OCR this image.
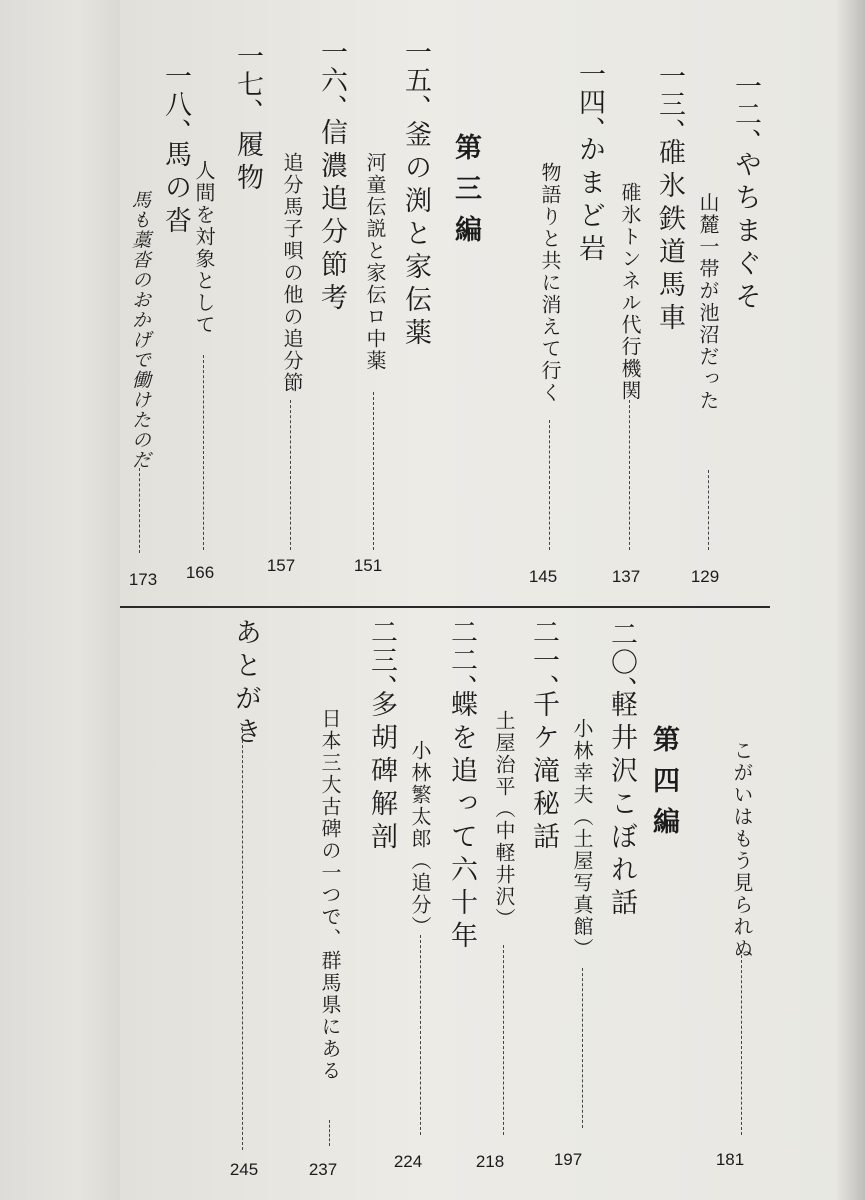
一二、
やちまぐそ
山麓一帯が池沼だった
129
一三、
碓氷鉄道馬車
碓氷トンネル代行機関
137
一四、
かまど岩
物語りと共に消えて行く
145
第三編
一五、
釜の渕と家伝薬
河童伝説と家伝ロ中薬
151
一六、
信濃追分節考
追分馬子唄の他の追分節
157
一七、
履物
人間を対象として
166
一八、
馬の沓
馬も藁沓のおかげで働けたのだ
173
こがいはもう見られぬ
181
第四編
二〇、
軽井沢こぼれ話
小林幸夫（土屋写真館）
197
二一、
千ケ滝秘話
土屋治平（中軽井沢）
218
二二、
蝶を追って六十年
小林繁太郎（追分）
224
二三、
多胡碑解剖
日本三大古碑の一つで、群馬県にある
237
あとがき
245
